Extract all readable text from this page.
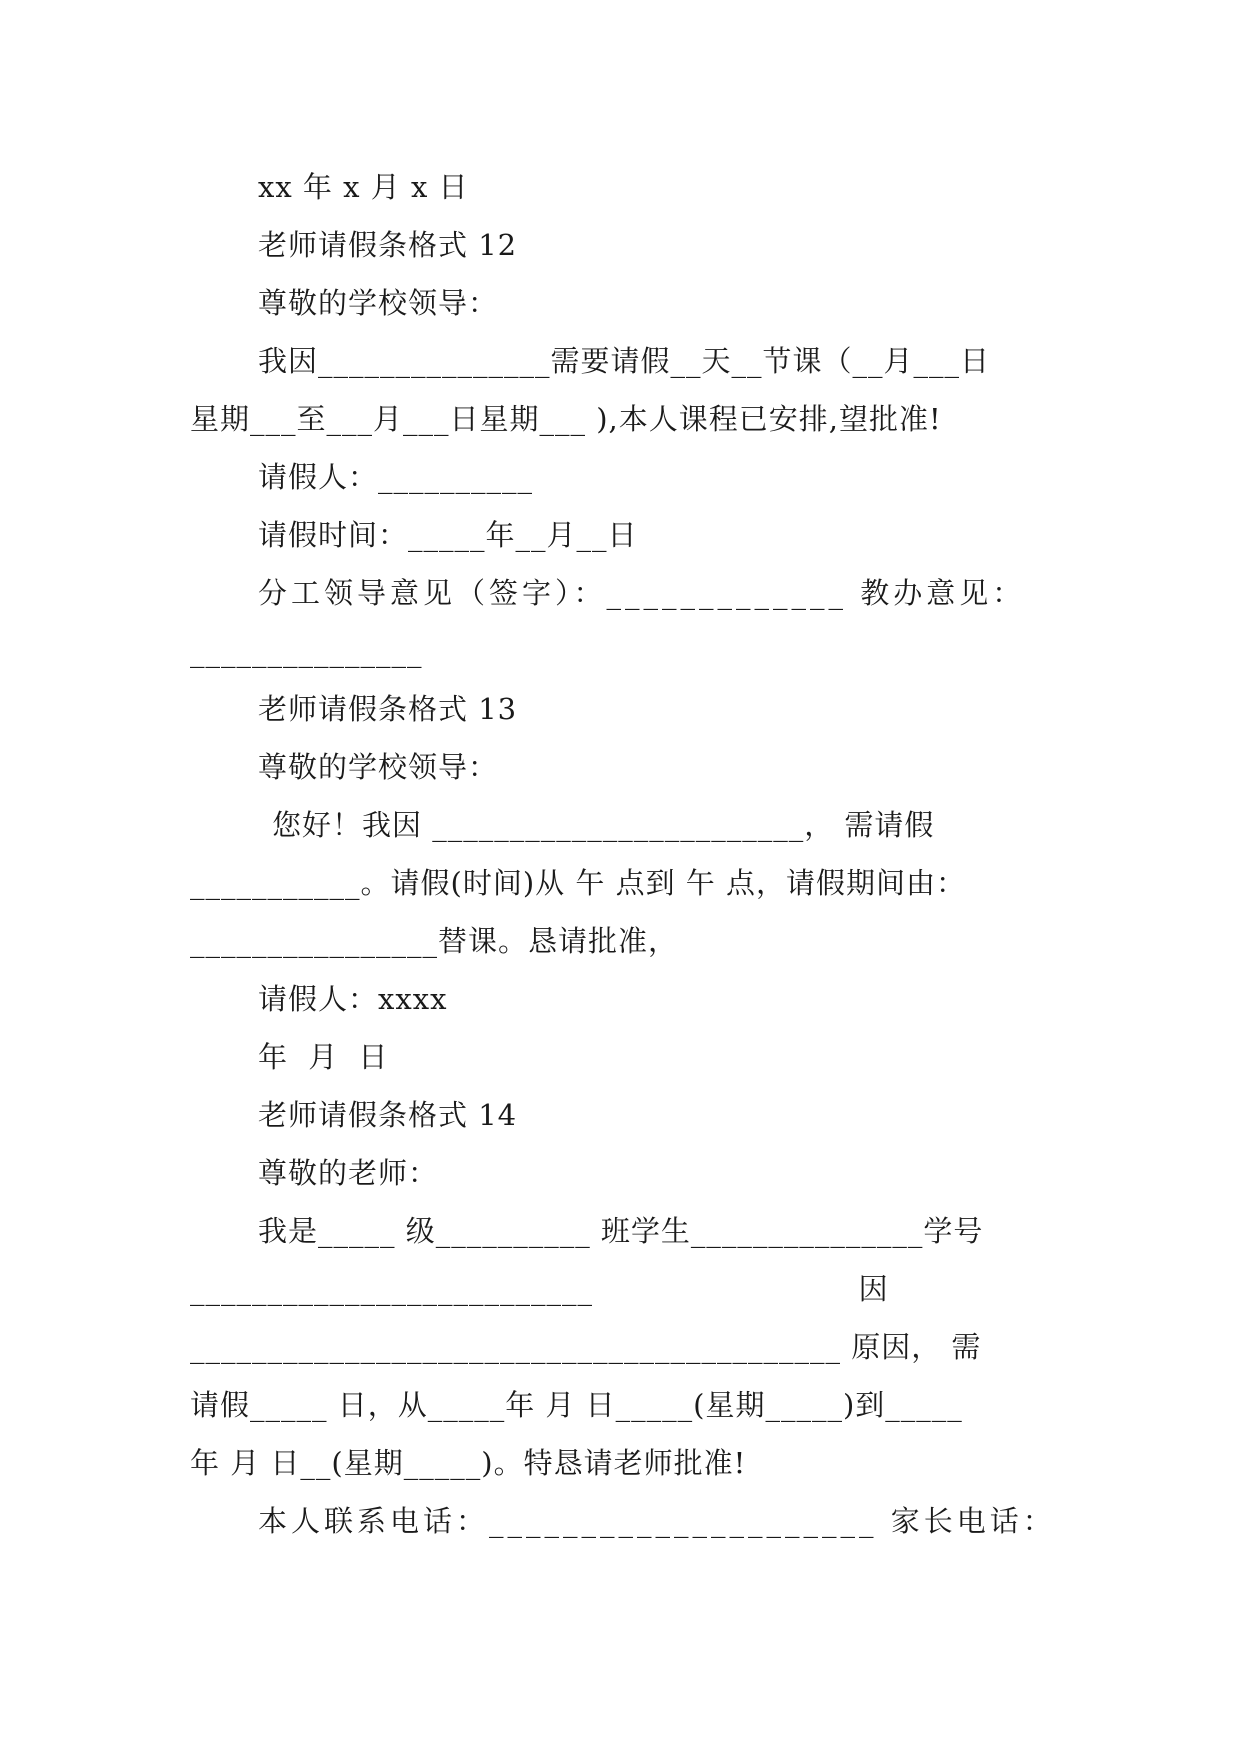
xx 年 x 月 x 日
老师请假条格式 12
尊敬的学校领导：
我因_______________需要请假__天__节课（__月___日
星期___至___月___日星期___ ),本人课程已安排,望批准!
请假人：__________
请假时间：_____年__月__日
分工领导意见（签字）：_____________ 教办意见：
_______________
老师请假条格式 13
尊敬的学校领导：
您好！我因 ________________________， 需请假
___________。请假(时间)从 午 点到 午 点，请假期间由：
________________替课。恳请批准，
请假人：xxxx
年 月 日
老师请假条格式 14
尊敬的老师：
我是_____ 级__________ 班学生_______________学号
__________________________                          因
__________________________________________ 原因， 需
请假_____ 日，从_____年 月 日_____(星期_____)到_____
年 月 日__(星期_____)。特恳请老师批准!
本人联系电话：_____________________ 家长电话：
